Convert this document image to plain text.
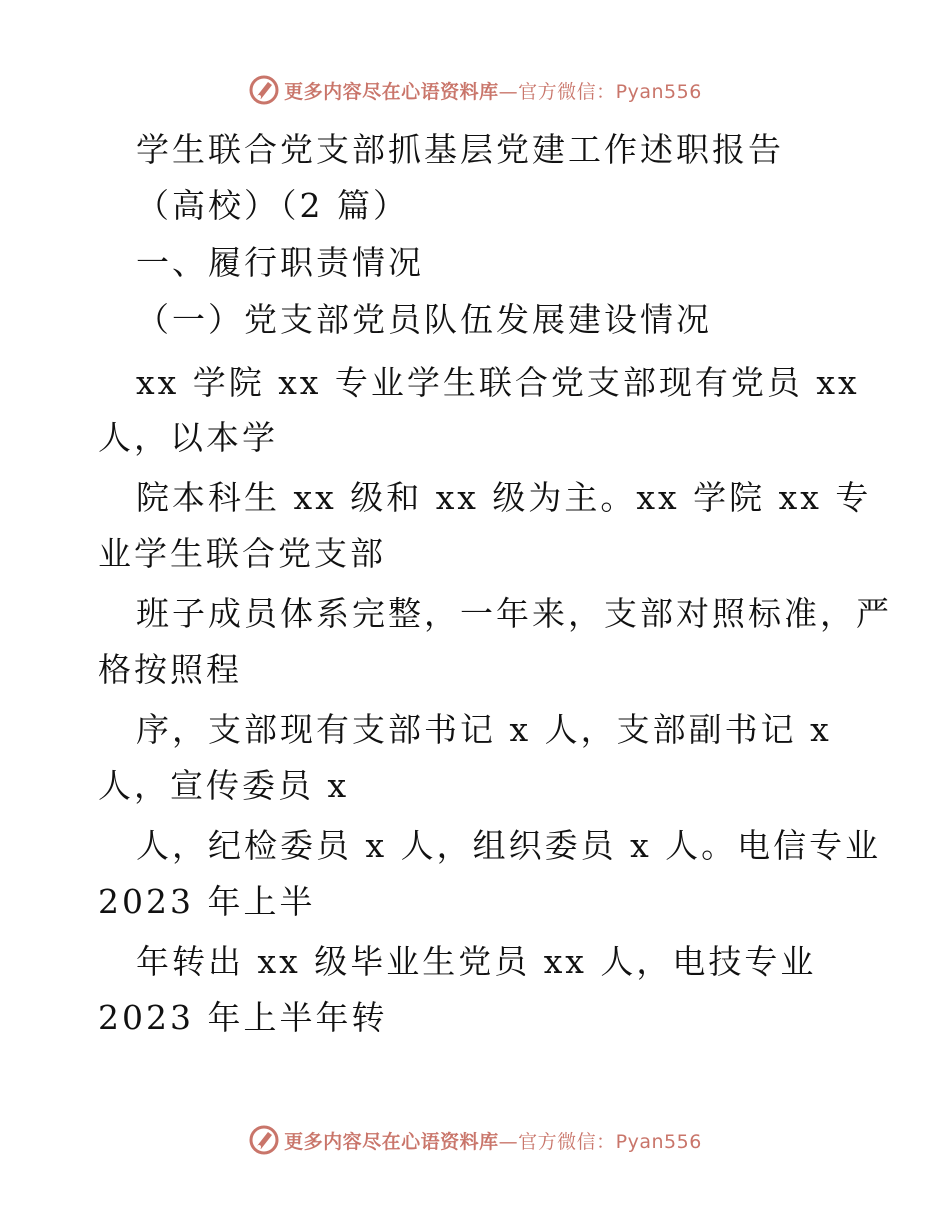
更多内容尽在心语资料库—官方微信：Pyan556
学生联合党支部抓基层党建工作述职报告
（高校）（2 篇）
一、履行职责情况
（一）党支部党员队伍发展建设情况
xx 学院 xx 专业学生联合党支部现有党员 xx
人，以本学
院本科生 xx 级和 xx 级为主。xx 学院 xx 专
业学生联合党支部
班子成员体系完整，一年来，支部对照标准，严
格按照程
序，支部现有支部书记 x 人，支部副书记 x
人，宣传委员 x
人，纪检委员 x 人，组织委员 x 人。电信专业
2023 年上半
年转出 xx 级毕业生党员 xx 人，电技专业
2023 年上半年转
更多内容尽在心语资料库—官方微信：Pyan556
